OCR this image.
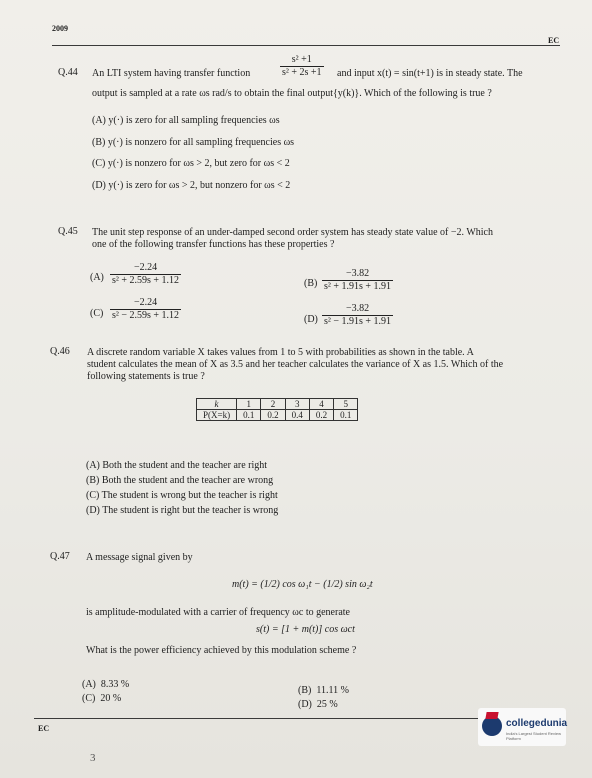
2009
EC
Q.44 An LTI system having transfer function	$\frac{\text{s² +1}}{\text{s² + 2s +1}}$ and input x(t) = sin(t+1) is in steady state. The
output is sampled at a rate ωs rad/s to obtain the final output{y(k)}. Which of the following is true ?
(A) y(·) is zero for all sampling frequencies ωs
(B) y(·) is nonzero for all sampling frequencies ωs
(C) y(·) is nonzero for ωs > 2, but zero for ωs < 2
(D) y(·) is zero for ωs > 2, but nonzero for ωs < 2
Q.45 The unit step response of an under-damped second order system has steady state value of −2. Which
one of the following transfer functions has these properties ?
$(A) \frac{-2.24}{\text{s² + 2.59s + 1.12}}$	$(B) \frac{-3.82}{\text{s² + 1.91s + 1.91}}$
$(C) \frac{-2.24}{\text{s² − 2.59s + 1.12}}$	$(D) \frac{-3.82}{\text{s² − 1.91s + 1.91}}$
Q.46 A discrete random variable X takes values from 1 to 5 with probabilities as shown in the table. A
student calculates the mean of X as 3.5 and her teacher calculates the variance of X as 1.5. Which of the
following statements is true ?
k	1	2	3	4	5
P(X=k)	0.1	0.2	0.4	0.2	0.1
(A) Both the student and the teacher are right
(B) Both the student and the teacher are wrong
(C) The student is wrong but the teacher is right
(D) The student is right but the teacher is wrong
Q.47 A message signal given by
m(t) = (1/2) cos ω₁t − (1/2) sin ω₂t
is amplitude-modulated with a carrier of frequency ωc to generate
s(t) = [1 + m(t)] cos ωct
What is the power efficiency achieved by this modulation scheme ?
(A) 8.33 %
(C) 20 %
(B) 11.11 %
(D) 25 %
EC
3
collegedunia
India's Largest Student Review Platform
